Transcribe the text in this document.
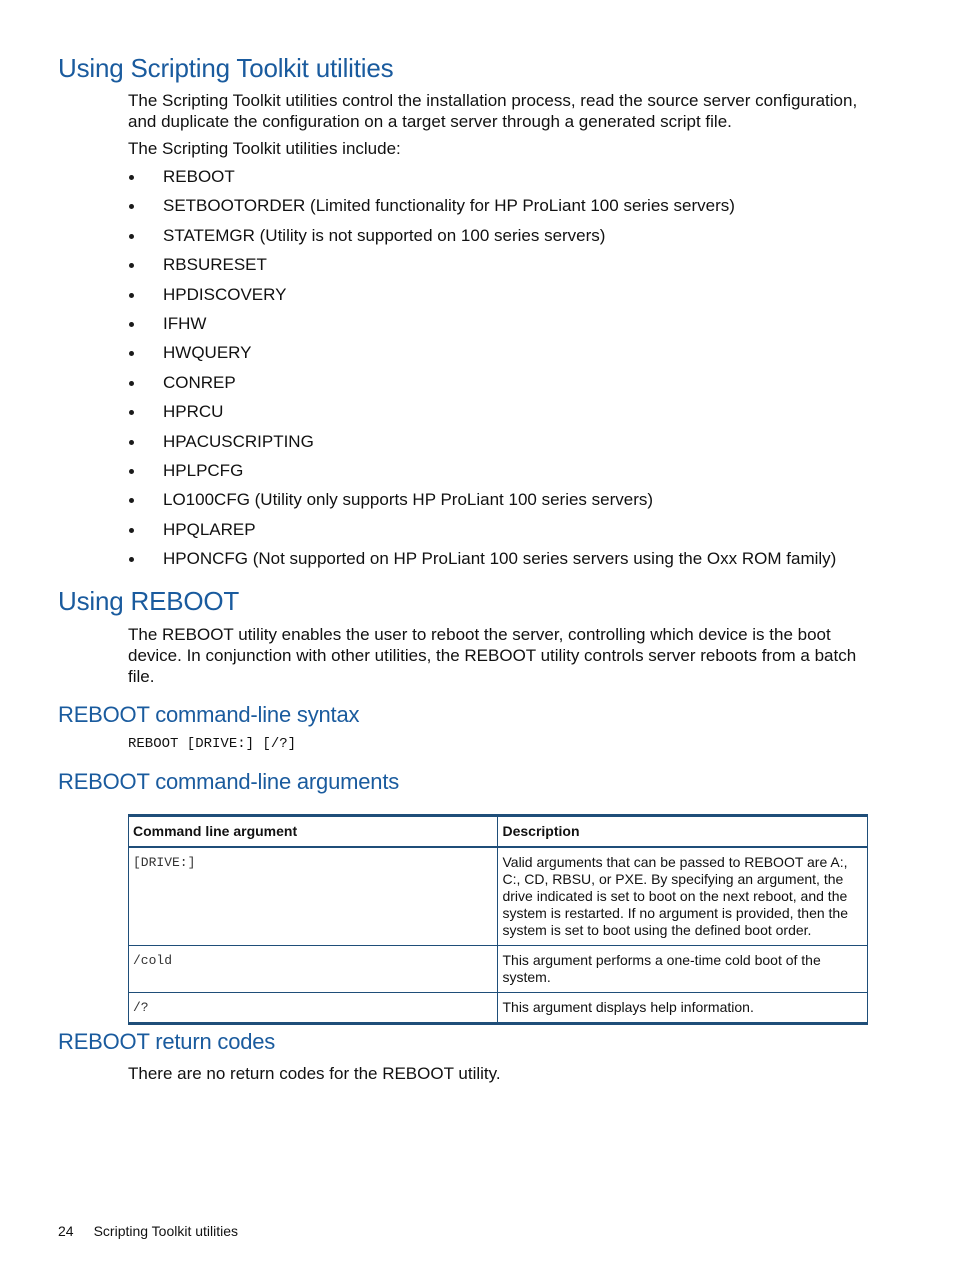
Using Scripting Toolkit utilities

The Scripting Toolkit utilities control the installation process, read the source server configuration, and duplicate the configuration on a target server through a generated script file.

The Scripting Toolkit utilities include:

REBOOT
SETBOOTORDER (Limited functionality for HP ProLiant 100 series servers)
STATEMGR (Utility is not supported on 100 series servers)
RBSURESET
HPDISCOVERY
IFHW
HWQUERY
CONREP
HPRCU
HPACUSCRIPTING
HPLPCFG
LO100CFG (Utility only supports HP ProLiant 100 series servers)
HPQLAREP
HPONCFG (Not supported on HP ProLiant 100 series servers using the Oxx ROM family)
Using REBOOT

The REBOOT utility enables the user to reboot the server, controlling which device is the boot device. In conjunction with other utilities, the REBOOT utility controls server reboots from a batch file.

REBOOT command-line syntax
REBOOT [DRIVE:] [/?]
REBOOT command-line arguments
Command line argument	Description
[DRIVE:]	Valid arguments that can be passed to REBOOT are A:, C:, CD, RBSU, or PXE. By specifying an argument, the drive indicated is set to boot on the next reboot, and the system is restarted. If no argument is provided, then the system is set to boot using the defined boot order.
/cold	This argument performs a one-time cold boot of the system.
/?	This argument displays help information.
REBOOT return codes

There are no return codes for the REBOOT utility.

24 Scripting Toolkit utilities
